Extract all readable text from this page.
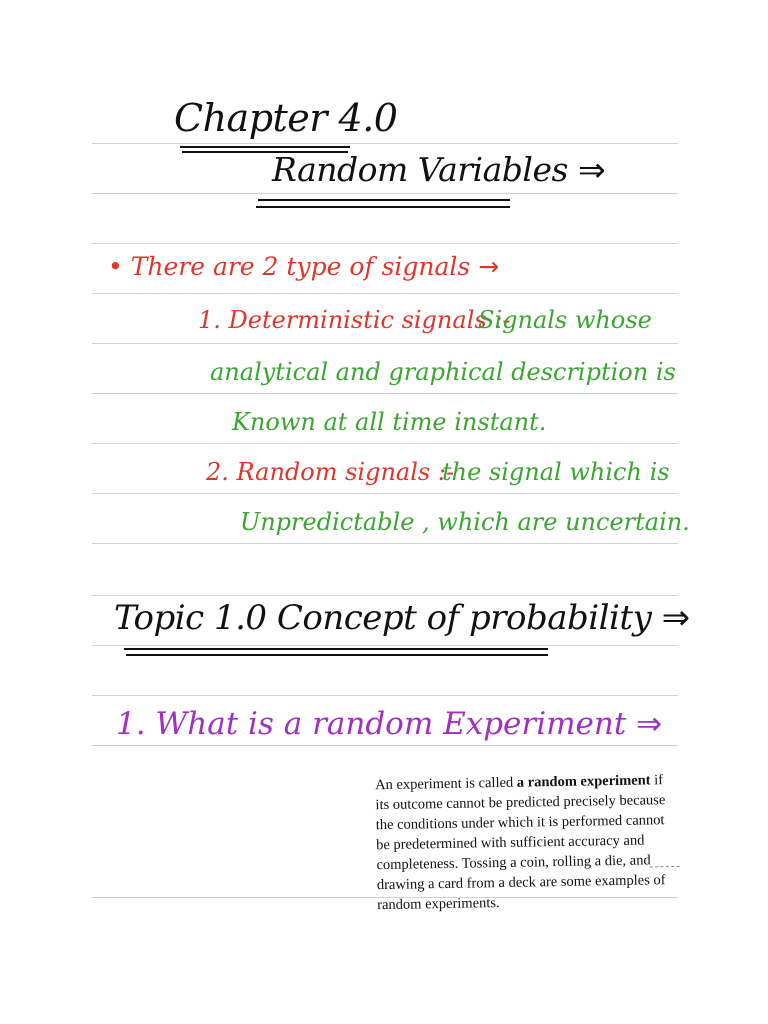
Chapter 4.0
Random Variables ⇒
• There are 2 type of signals →
1. Deterministic signals :-
Signals whose
analytical and graphical description is
Known at all time instant.
2. Random signals :-
the signal which is
Unpredictable , which are uncertain.
Topic 1.0 Concept of probability ⇒
1. What is a random Experiment ⇒
An experiment is called a random experiment if its outcome cannot be predicted precisely because the conditions under which it is performed cannot be predetermined with sufficient accuracy and completeness. Tossing a coin, rolling a die, and drawing a card from a deck are some examples of random experiments.
